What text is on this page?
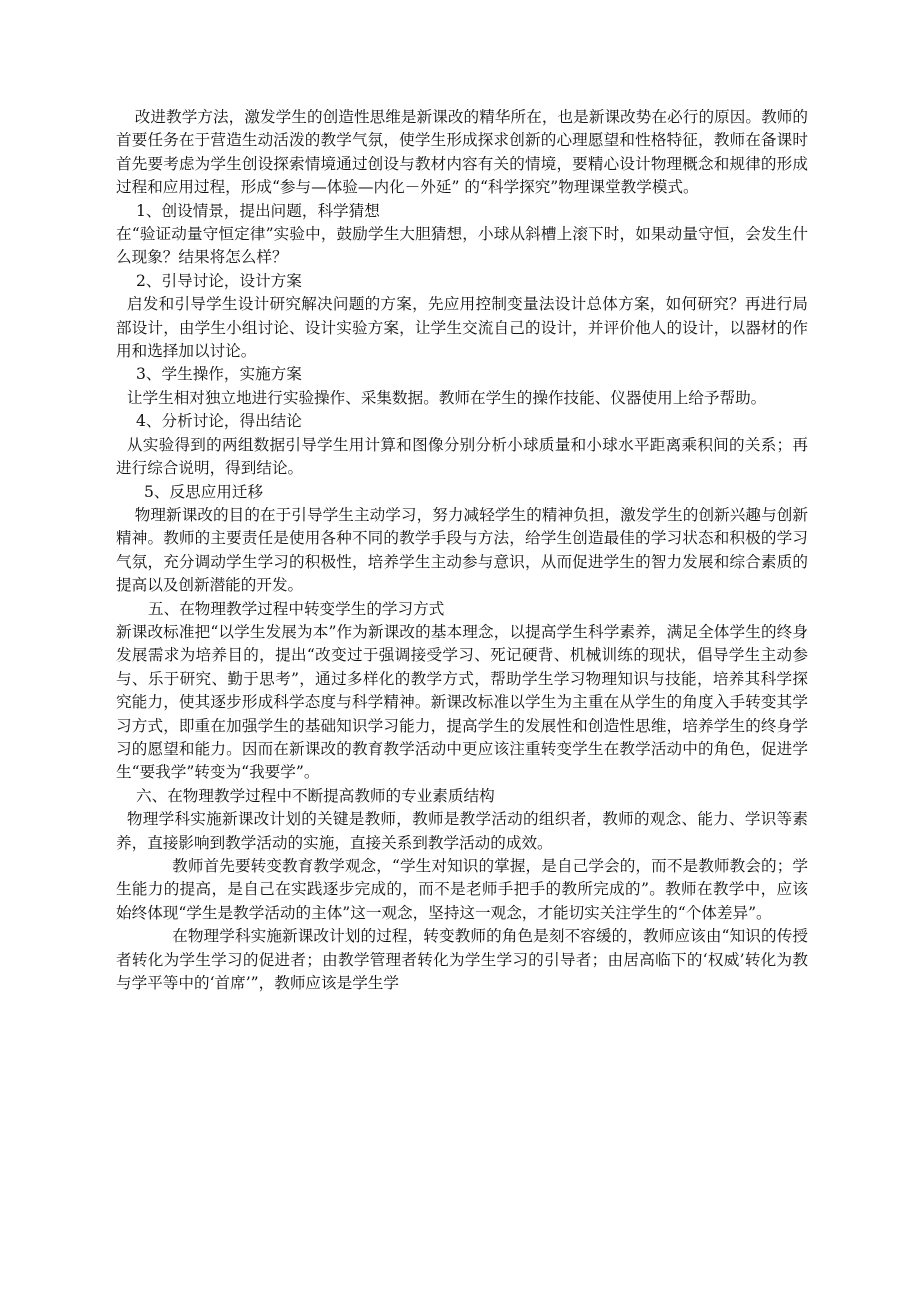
改进教学方法，激发学生的创造性思维是新课改的精华所在，也是新课改势在必行的原因。教师的首要任务在于营造生动活泼的教学气氛，使学生形成探求创新的心理愿望和性格特征，教师在备课时首先要考虑为学生创设探索情境通过创设与教材内容有关的情境，要精心设计物理概念和规律的形成过程和应用过程，形成“参与—体验—内化－外延” 的“科学探究”物理课堂教学模式。

1、创设情景，提出问题，科学猜想

在“验证动量守恒定律”实验中，鼓励学生大胆猜想，小球从斜槽上滚下时，如果动量守恒，会发生什么现象？结果将怎么样？

2、引导讨论，设计方案

启发和引导学生设计研究解决问题的方案，先应用控制变量法设计总体方案，如何研究？再进行局部设计，由学生小组讨论、设计实验方案，让学生交流自己的设计，并评价他人的设计，以器材的作用和选择加以讨论。

3、学生操作，实施方案

让学生相对独立地进行实验操作、采集数据。教师在学生的操作技能、仪器使用上给予帮助。

4、分析讨论，得出结论

从实验得到的两组数据引导学生用计算和图像分别分析小球质量和小球水平距离乘积间的关系；再进行综合说明，得到结论。

5、反思应用迁移

物理新课改的目的在于引导学生主动学习，努力减轻学生的精神负担，激发学生的创新兴趣与创新精神。教师的主要责任是使用各种不同的教学手段与方法，给学生创造最佳的学习状态和积极的学习气氛，充分调动学生学习的积极性，培养学生主动参与意识，从而促进学生的智力发展和综合素质的提高以及创新潜能的开发。

五、在物理教学过程中转变学生的学习方式

新课改标准把“以学生发展为本”作为新课改的基本理念，以提高学生科学素养，满足全体学生的终身发展需求为培养目的，提出“改变过于强调接受学习、死记硬背、机械训练的现状，倡导学生主动参与、乐于研究、勤于思考”，通过多样化的教学方式，帮助学生学习物理知识与技能，培养其科学探究能力，使其逐步形成科学态度与科学精神。新课改标准以学生为主重在从学生的角度入手转变其学习方式，即重在加强学生的基础知识学习能力，提高学生的发展性和创造性思维，培养学生的终身学习的愿望和能力。因而在新课改的教育教学活动中更应该注重转变学生在教学活动中的角色，促进学生“要我学”转变为“我要学”。

六、在物理教学过程中不断提高教师的专业素质结构

物理学科实施新课改计划的关键是教师，教师是教学活动的组织者，教师的观念、能力、学识等素养，直接影响到教学活动的实施，直接关系到教学活动的成效。

教师首先要转变教育教学观念，“学生对知识的掌握，是自己学会的，而不是教师教会的；学生能力的提高，是自己在实践逐步完成的，而不是老师手把手的教所完成的”。教师在教学中，应该始终体现“学生是教学活动的主体”这一观念，坚持这一观念，才能切实关注学生的“个体差异”。

在物理学科实施新课改计划的过程，转变教师的角色是刻不容缓的，教师应该由“知识的传授者转化为学生学习的促进者；由教学管理者转化为学生学习的引导者；由居高临下的‘权威’转化为教与学平等中的‘首席’”，教师应该是学生学
